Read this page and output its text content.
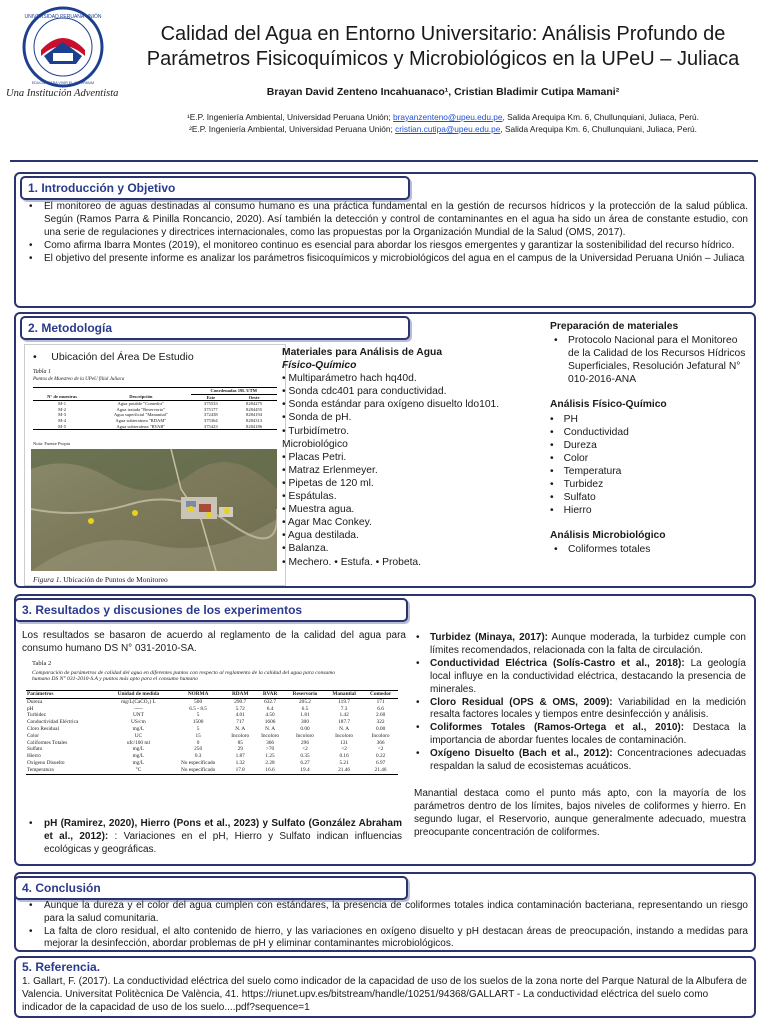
UNIVERSIDAD PERUANA UNIÓN
EDUCAR PARA VIVIR EL AETERNUM
Una Institución Adventista
Calidad del Agua en Entorno Universitario: Análisis Profundo de
Parámetros Fisicoquímicos y Microbiológicos en la UPeU – Juliaca
Brayan David Zenteno Incahuanaco¹, Cristian Bladimir Cutipa Mamani²
¹E.P. Ingeniería Ambiental, Universidad Peruana Unión; brayanzenteno@upeu.edu.pe, Salida Arequipa Km. 6, Chullunquiani, Juliaca, Perú.
²E.P. Ingeniería Ambiental, Universidad Peruana Unión; cristian.cutipa@upeu.edu.pe, Salida Arequipa Km. 6, Chullunquiani, Juliaca, Perú.
1. Introducción y Objetivo
• El monitoreo de aguas destinadas al consumo humano es una práctica fundamental en la gestión de recursos hídricos y la protección de la salud pública. Según (Ramos Parra & Pinilla Roncancio, 2020). Así también la detección y control de contaminantes en el agua ha sido un área de constante estudio, con una serie de regulaciones y directrices internacionales, como las propuestas por la Organización Mundial de la Salud (OMS, 2017).
• Como afirma Ibarra Montes (2019), el monitoreo continuo es esencial para abordar los riesgos emergentes y garantizar la sostenibilidad del recurso hídrico.
• El objetivo del presente informe es analizar los parámetros fisicoquímicos y microbiológicos del agua en el campus de la Universidad Peruana Unión – Juliaca
2. Metodología
•     Ubicación del Área De Estudio
Tabla 1
Puntos de Muestreo de la UPeU filial Juliaca
		Coordenadas 19L UTM	
N° de muestras	Descripción	Este	Oeste
M-1	Agua potable "Comedor"	375533	8284275
M-2	Agua tratada "Reservorio"	375177	8284455
M-3	Agua superficial "Manantial"	372438	8284194
M-4	Agua subterránea "RDAM"	375364	8284313
M-5	Agua subterránea "RVAR"	375423	8284186
Nota: Fuente Propia
Figura 1. Ubicación de Puntos de Monitoreo
Materiales para Análisis de Agua
Físico-Químico
• Multiparámetro hach hq40d.
• Sonda cdc401 para conductividad.
• Sonda estándar para oxígeno disuelto ldo101.
• Sonda de pH.
• Turbidímetro.
Microbiológico
• Placas Petri.
• Matraz Erlenmeyer.
• Pipetas de 120 ml.
• Espátulas.
• Muestra agua.
• Agar Mac Conkey.
• Agua destilada.
• Balanza.
• Mechero. • Estufa. • Probeta.
Preparación de materiales
• Protocolo Nacional para el Monitoreo de la Calidad de los Recursos Hídricos Superficiales, Resolución Jefatural N° 010-2016-ANA
Análisis Físico-Químico
• PH
• Conductividad
• Dureza
• Color
• Temperatura
• Turbidez
• Sulfato
• Hierro
Análisis Microbiológico
• Coliformes totales
3. Resultados y discusiones de los experimentos
Los resultados se basaron de acuerdo al reglamento de la calidad del agua para consumo humano DS N° 031-2010-SA.
Tabla 2
Comparación de parámetros de calidad del agua en diferentes puntos con respecto al reglamento de la calidad del agua para consumo humano DS N° 031-2010-S.A y puntos más apto para el consumo humano
Parámetros	Unidad de medida	NORMA	RDAM	RVAR	Reservorio	Manantial	Comedor
Dureza	mg/L(CaCO₃) L	500	290.7	632.7	205.2	119.7	171
pH	-----	6.5 - 8.5	5.72	6.4	6.5	7.3	6.6
Turbidez	UNT	5	4.01	4.50	1.81	1.42	2.60
Conductividad Eléctrica	US/cm	1500	717	1606	300	187.7	322
Cloro Residual	mg/L	5	N. A	N. A	0.00	N. A	0.00
Color	UC	15	Incoloro	Incoloro	Incoloro	Incoloro	Incoloro
Coliformes Totales	ufc/100 ml	0	85	366	296	131	366
Sulfato	mg/L	250	29	>70	<2	<2	<2
Hierro	mg/L	0.3	1.87	1.25	0.35	0.16	0.22
Oxígeno Disuelto	mg/L	No especificado	1.32	2.28	6.27	5.21	6.97
Temperatura	°C	No especificado	17.8	16.6	19.4	21.46	21.46
• pH (Ramirez, 2020), Hierro (Pons et al., 2023) y Sulfato (González Abraham et al., 2012): : Variaciones en el pH, Hierro y Sulfato indican influencias ecológicas y geográficas.
• Turbidez (Minaya, 2017): Aunque moderada, la turbidez cumple con límites recomendados, relacionada con la falta de circulación.
• Conductividad Eléctrica (Solís-Castro et al., 2018): La geología local influye en la conductividad eléctrica, destacando la presencia de minerales.
• Cloro Residual (OPS & OMS, 2009): Variabilidad en la medición resalta factores locales y tiempos entre desinfección y análisis.
• Coliformes Totales (Ramos-Ortega et al., 2010): Destaca la importancia de abordar fuentes locales de contaminación.
• Oxígeno Disuelto (Bach et al., 2012): Concentraciones adecuadas respaldan la salud de ecosistemas acuáticos.
Manantial destaca como el punto más apto, con la mayoría de los parámetros dentro de los límites, bajos niveles de coliformes y hierro. En segundo lugar, el Reservorio, aunque generalmente adecuado, muestra preocupante concentración de coliformes.
4. Conclusión
• Aunque la dureza y el color del agua cumplen con estándares, la presencia de coliformes totales indica contaminación bacteriana, representando un riesgo para la salud comunitaria.
• La falta de cloro residual, el alto contenido de hierro, y las variaciones en oxígeno disuelto y pH destacan áreas de preocupación, instando a medidas para mejorar la desinfección, abordar problemas de pH y eliminar contaminantes microbiológicos.
5. Referencia.
1. Gallart, F. (2017). La conductividad eléctrica del suelo como indicador de la capacidad de uso de los suelos de la zona norte del Parque Natural de la Albufera de Valencia. Universitat Politècnica De València, 41. https://riunet.upv.es/bitstream/handle/10251/94368/GALLART - La conductividad eléctrica del suelo como indicador de la capacidad de uso de los suelo....pdf?sequence=1
